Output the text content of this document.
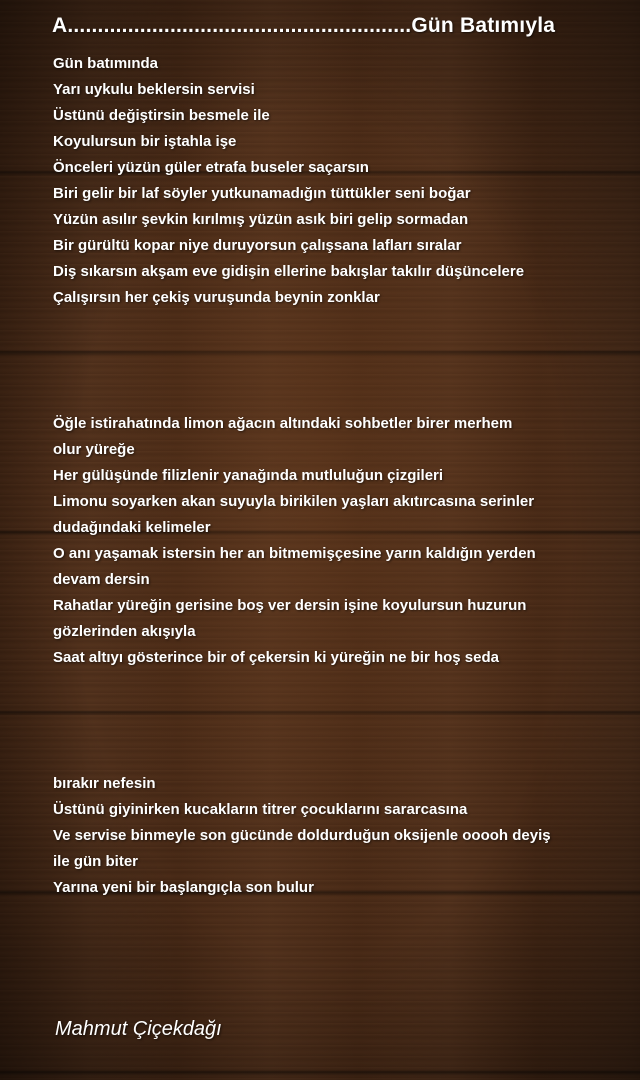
A.........................................................Gün Batımıyla
Gün batımında
Yarı uykulu beklersin servisi
Üstünü değiştirsin besmele ile
Koyulursun bir iştahla işe
Önceleri yüzün güler etrafa buseler saçarsın
Biri gelir bir laf söyler yutkunamadığın tüttükler seni boğar
Yüzün asılır şevkin kırılmış yüzün asık biri gelip sormadan
Bir gürültü kopar niye duruyorsun çalışsana lafları sıralar
Diş sıkarsın akşam eve gidişin ellerine bakışlar takılır düşüncelere
Çalışırsın her çekiş vuruşunda beynin zonklar
Öğle istirahatında limon ağacın altındaki sohbetler birer merhem
olur yüreğe
Her gülüşünde filizlenir yanağında mutluluğun çizgileri
Limonu soyarken akan suyuyla birikilen yaşları akıtırcasına serinler
dudağındaki kelimeler
O anı yaşamak istersin her an bitmemişçesine yarın kaldığın yerden
devam dersin
Rahatlar yüreğin gerisine boş ver dersin işine koyulursun huzurun
gözlerinden akışıyla
Saat altıyı gösterince bir of çekersin ki yüreğin ne bir hoş seda
bırakır nefesin
Üstünü giyinirken kucakların titrer çocuklarını sararcasına
Ve servise binmeyle son gücünde doldurduğun oksijenle ooooh deyiş
ile gün biter
Yarına yeni bir başlangıçla son bulur
Mahmut Çiçekdağı
